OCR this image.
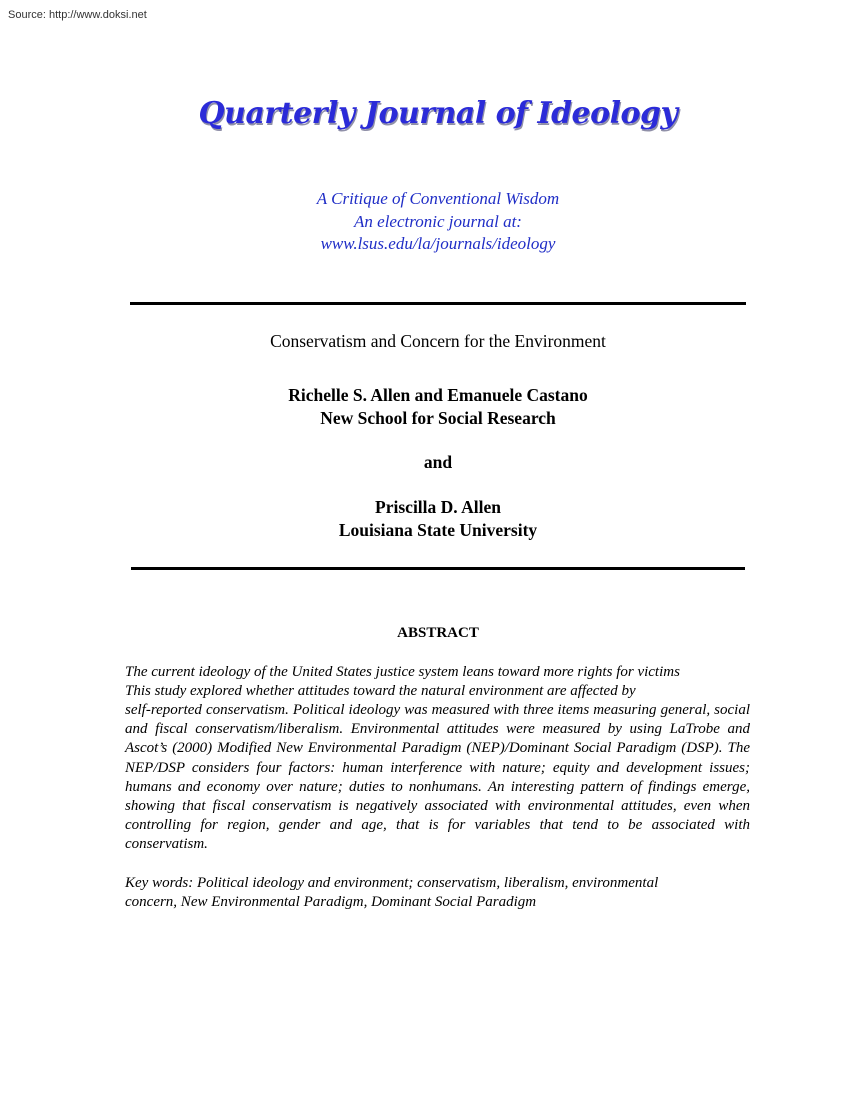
Source: http://www.doksi.net
Quarterly Journal of Ideology
A Critique of Conventional Wisdom
An electronic journal at:
www.lsus.edu/la/journals/ideology
Conservatism and Concern for the Environment
Richelle S. Allen and Emanuele Castano
New School for Social Research
and
Priscilla D. Allen
Louisiana State University
ABSTRACT
The current ideology of the United States justice system leans toward more rights for victims
This study explored whether attitudes toward the natural environment are affected by
self-reported conservatism. Political ideology was measured with three items measuring general, social and fiscal conservatism/liberalism. Environmental attitudes were measured by using LaTrobe and Ascot’s (2000) Modified New Environmental Paradigm (NEP)/Dominant Social Paradigm (DSP). The NEP/DSP considers four factors: human interference with nature; equity and development issues; humans and economy over nature; duties to nonhumans. An interesting pattern of findings emerge, showing that fiscal conservatism is negatively associated with environmental attitudes, even when controlling for region, gender and age, that is for variables that tend to be associated with conservatism.
Key words: Political ideology and environment; conservatism, liberalism, environmental
concern, New Environmental Paradigm, Dominant Social Paradigm
